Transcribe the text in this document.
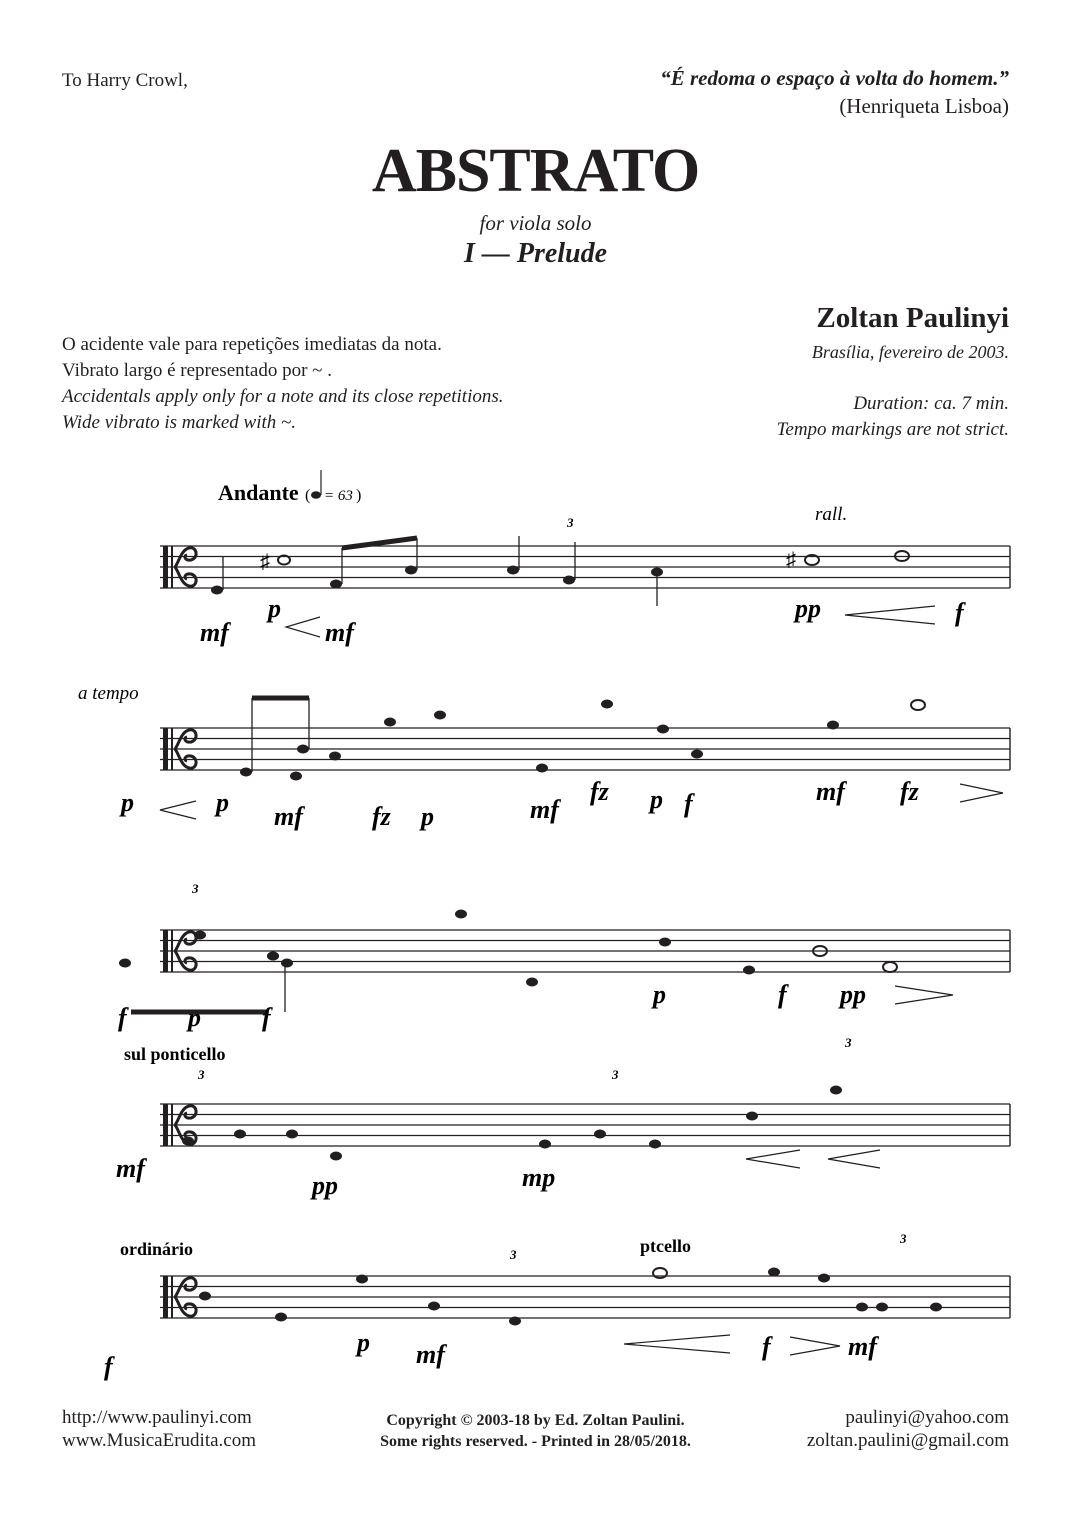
To Harry Crowl,	“É redoma o espaço à volta do homem.”
(Henriqueta Lisboa)
ABSTRATO
for viola solo
I — Prelude
Zoltan Paulinyi
Brasília, fevereiro de 2003.
O acidente vale para repetições imediatas da nota.
Vibrato largo é representado por ~ .
Accidentals apply only for a note and its close repetitions.
Wide vibrato is marked with ~.
Duration: ca. 7 min.
Tempo markings are not strict.
Andante ( = 63 )
rall.
♯	♯
mf
p
mf
pp	f
3
a tempo
p	p mf	fz p	mf
fz p f	mf fz
3
f p f
p	f pp
sul ponticello
3	3
3
mf
pp	mp
ordinário	ptcello
3
3
f
p mf	f	mf
http://www.paulinyi.com
www.MusicaErudita.com
Copyright © 2003-18 by Ed. Zoltan Paulini.
Some rights reserved. - Printed in 28/05/2018.
paulinyi@yahoo.com
zoltan.paulini@gmail.com
